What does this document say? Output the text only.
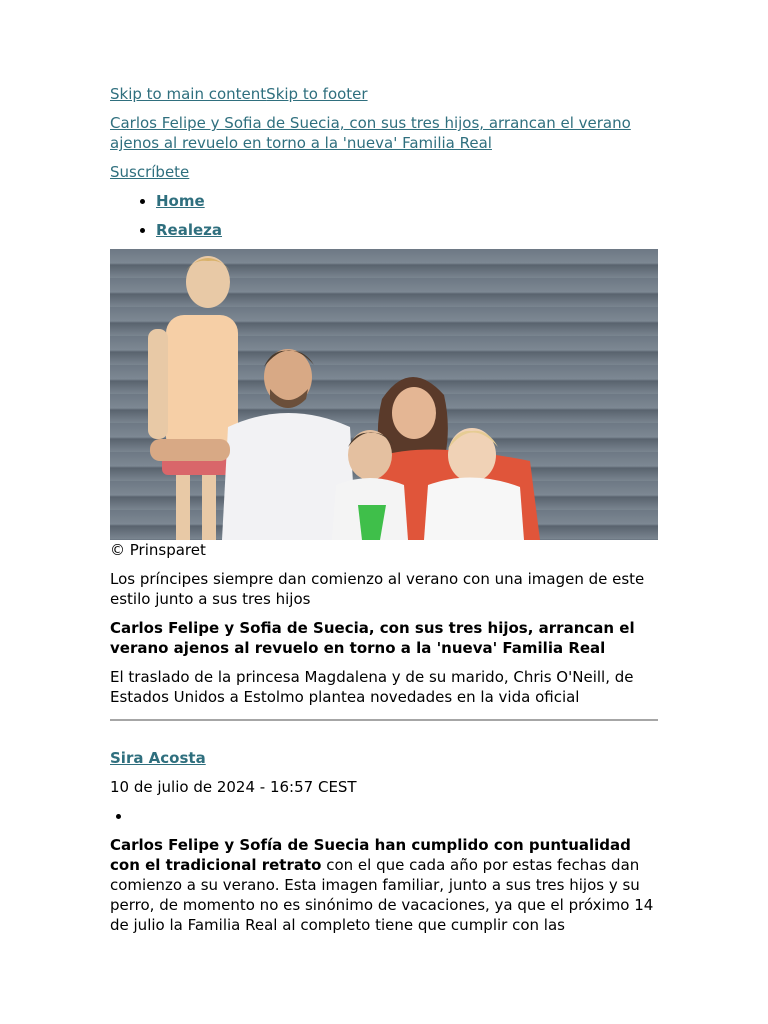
Skip to main contentSkip to footer
Carlos Felipe y Sofia de Suecia, con sus tres hijos, arrancan el verano ajenos al revuelo en torno a la 'nueva' Familia Real
Suscríbete
• Home
• Realeza
© Prinsparet

Los príncipes siempre dan comienzo al verano con una imagen de este estilo junto a sus tres hijos

Carlos Felipe y Sofia de Suecia, con sus tres hijos, arrancan el verano ajenos al revuelo en torno a la 'nueva' Familia Real

El traslado de la princesa Magdalena y de su marido, Chris O'Neill, de Estados Unidos a Estolmo plantea novedades en la vida oficial

Sira Acosta
10 de julio de 2024 - 16:57 CEST
•

Carlos Felipe y Sofía de Suecia han cumplido con puntualidad con el tradicional retrato con el que cada año por estas fechas dan comienzo a su verano. Esta imagen familiar, junto a sus tres hijos y su perro, de momento no es sinónimo de vacaciones, ya que el próximo 14 de julio la Familia Real al completo tiene que cumplir con las
